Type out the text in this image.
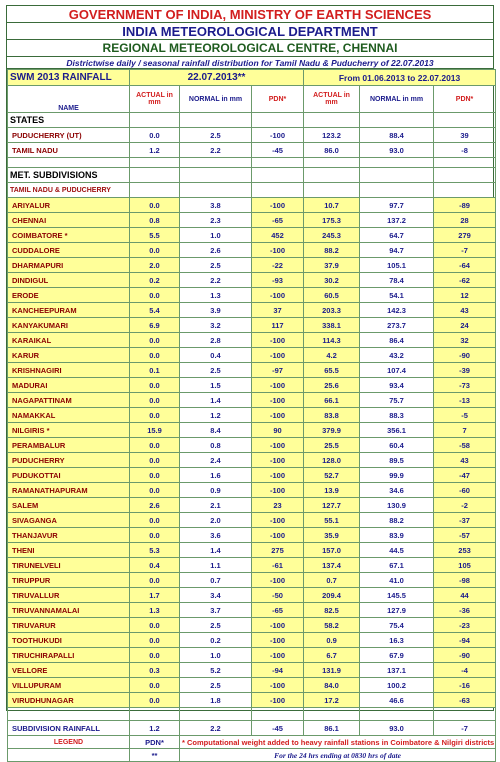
GOVERNMENT OF INDIA, MINISTRY OF EARTH SCIENCES
INDIA METEOROLOGICAL DEPARTMENT
REGIONAL METEOROLOGICAL CENTRE, CHENNAI
Districtwise daily / seasonal rainfall distribution for Tamil Nadu & Puducherry of 22.07.2013
SWM 2013 RAINFALL	22.07.2013**			From 01.06.2013 to 22.07.2013		
NAME	ACTUAL in mm	NORMAL in mm	PDN*	ACTUAL in mm	NORMAL in mm	PDN*
STATES						
PUDUCHERRY (UT)	0.0	2.5	-100	123.2	88.4	39
TAMIL NADU	1.2	2.2	-45	86.0	93.0	-8

MET. SUBDIVISIONS						
TAMIL NADU & PUDUCHERRY						
ARIYALUR	0.0	3.8	-100	10.7	97.7	-89
CHENNAI	0.8	2.3	-65	175.3	137.2	28
COIMBATORE *	5.5	1.0	452	245.3	64.7	279
CUDDALORE	0.0	2.6	-100	88.2	94.7	-7
DHARMAPURI	2.0	2.5	-22	37.9	105.1	-64
DINDIGUL	0.2	2.2	-93	30.2	78.4	-62
ERODE	0.0	1.3	-100	60.5	54.1	12
KANCHEEPURAM	5.4	3.9	37	203.3	142.3	43
KANYAKUMARI	6.9	3.2	117	338.1	273.7	24
KARAIKAL	0.0	2.8	-100	114.3	86.4	32
KARUR	0.0	0.4	-100	4.2	43.2	-90
KRISHNAGIRI	0.1	2.5	-97	65.5	107.4	-39
MADURAI	0.0	1.5	-100	25.6	93.4	-73
NAGAPATTINAM	0.0	1.4	-100	66.1	75.7	-13
NAMAKKAL	0.0	1.2	-100	83.8	88.3	-5
NILGIRIS *	15.9	8.4	90	379.9	356.1	7
PERAMBALUR	0.0	0.8	-100	25.5	60.4	-58
PUDUCHERRY	0.0	2.4	-100	128.0	89.5	43
PUDUKOTTAI	0.0	1.6	-100	52.7	99.9	-47
RAMANATHAPURAM	0.0	0.9	-100	13.9	34.6	-60
SALEM	2.6	2.1	23	127.7	130.9	-2
SIVAGANGA	0.0	2.0	-100	55.1	88.2	-37
THANJAVUR	0.0	3.6	-100	35.9	83.9	-57
THENI	5.3	1.4	275	157.0	44.5	253
TIRUNELVELI	0.4	1.1	-61	137.4	67.1	105
TIRUPPUR	0.0	0.7	-100	0.7	41.0	-98
TIRUVALLUR	1.7	3.4	-50	209.4	145.5	44
TIRUVANNAMALAI	1.3	3.7	-65	82.5	127.9	-36
TIRUVARUR	0.0	2.5	-100	58.2	75.4	-23
TOOTHUKUDI	0.0	0.2	-100	0.9	16.3	-94
TIRUCHIRAPALLI	0.0	1.0	-100	6.7	67.9	-90
VELLORE	0.3	5.2	-94	131.9	137.1	-4
VILLUPURAM	0.0	2.5	-100	84.0	100.2	-16
VIRUDHUNAGAR	0.0	1.8	-100	17.2	46.6	-63

SUBDIVISION RAINFALL	1.2	2.2	-45	86.1	93.0	-7
LEGEND	PDN*	* Computational weight added to heavy rainfall stations in Coimbatore & Nilgiri districts				
	**	For the 24 hrs ending at 0830 hrs of date				
